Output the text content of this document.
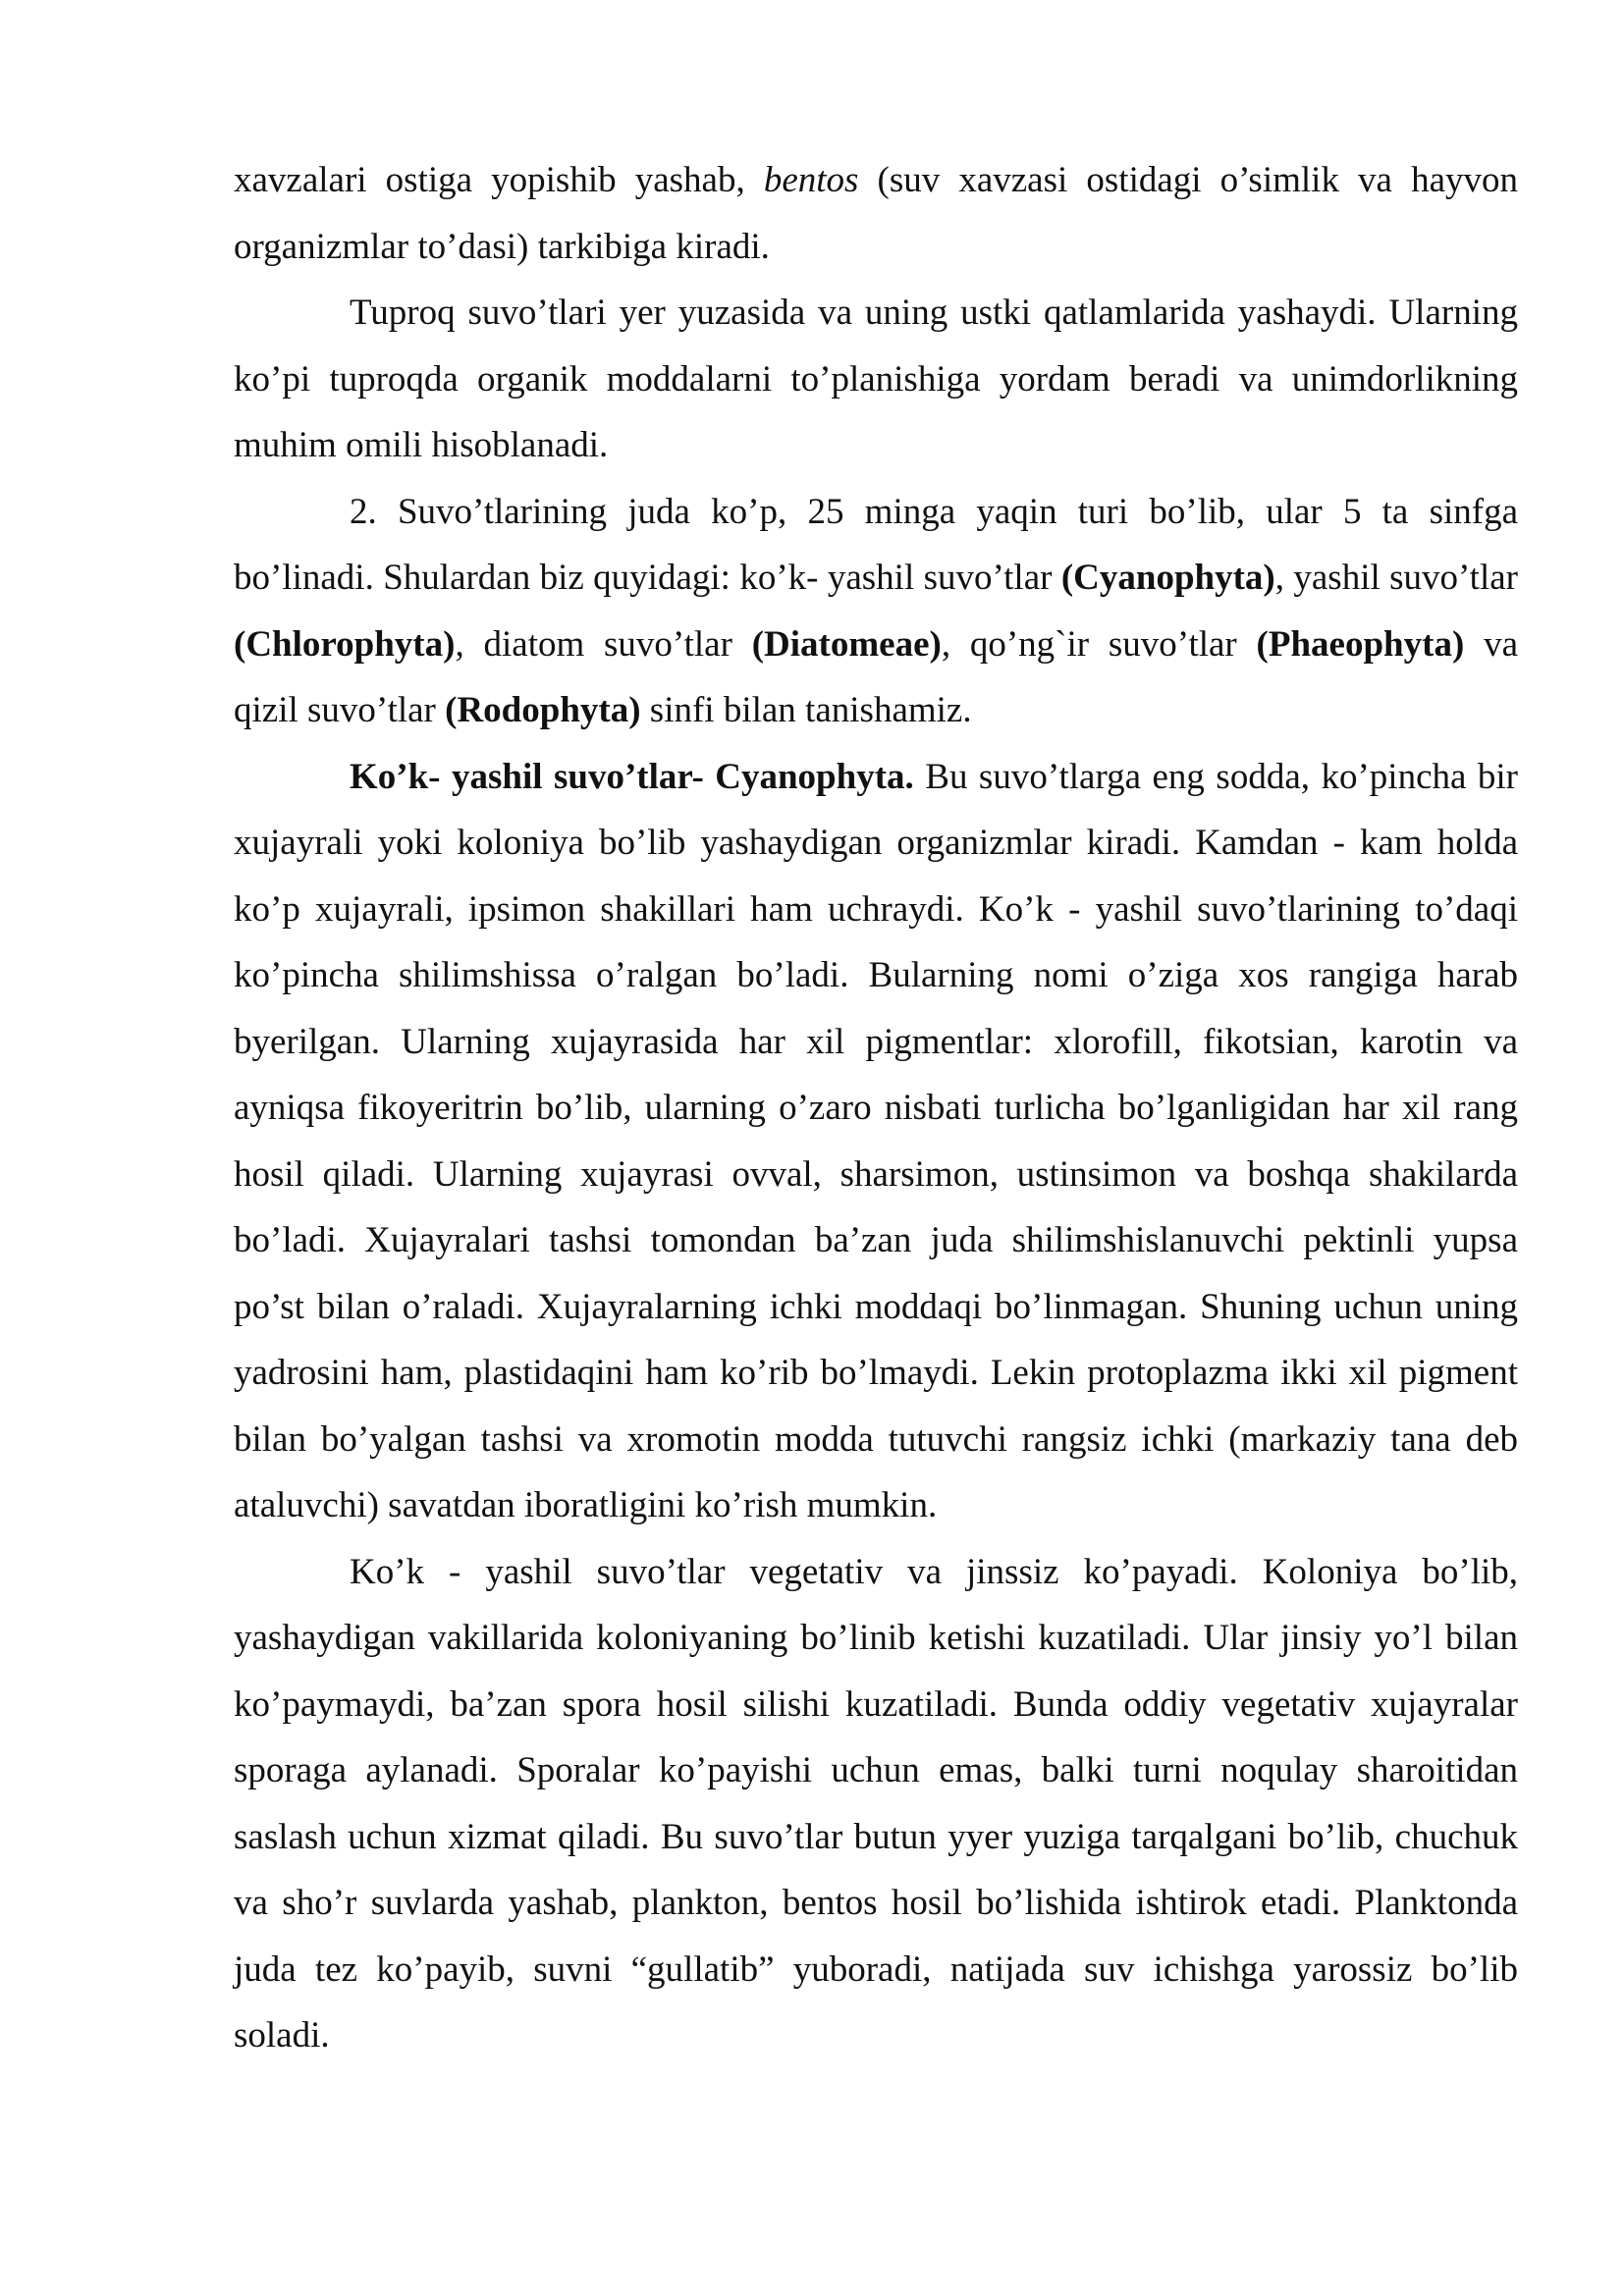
xavzalari ostiga yopishib yashab, bentos (suv xavzasi ostidagi o’simlik va hayvon organizmlar to’dasi) tarkibiga kiradi.

Tuproq suvo’tlari yer yuzasida va uning ustki qatlamlarida yashaydi. Ularning ko’pi tuproqda organik moddalarni to’planishiga yordam beradi va unimdorlikning muhim omili hisoblanadi.

2. Suvo’tlarining juda ko’p, 25 minga yaqin turi bo’lib, ular 5 ta sinfga bo’linadi. Shulardan biz quyidagi: ko’k- yashil suvo’tlar (Cyanophyta), yashil suvo’tlar (Chlorophyta), diatom suvo’tlar (Diatomeae), qo’ng`ir suvo’tlar (Phaeophyta) va qizil suvo’tlar (Rodophyta) sinfi bilan tanishamiz.

Ko’k- yashil suvo’tlar- Cyanophyta. Bu suvo’tlarga eng sodda, ko’pincha bir xujayrali yoki koloniya bo’lib yashaydigan organizmlar kiradi. Kamdan - kam holda ko’p xujayrali, ipsimon shakillari ham uchraydi. Ko’k - yashil suvo’tlarining to’daqi ko’pincha shilimshissa o’ralgan bo’ladi. Bularning nomi o’ziga xos rangiga harab byerilgan. Ularning xujayrasida har xil pigmentlar: xlorofill, fikotsian, karotin va ayniqsa fikoyeritrin bo’lib, ularning o’zaro nisbati turlicha bo’lganligidan har xil rang hosil qiladi. Ularning xujayrasi ovval, sharsimon, ustinsimon va boshqa shakilarda bo’ladi. Xujayralari tashsi tomondan ba’zan juda shilimshislanuvchi pektinli yupsa po’st bilan o’raladi. Xujayralarning ichki moddaqi bo’linmagan. Shuning uchun uning yadrosini ham, plastidaqini ham ko’rib bo’lmaydi. Lekin protoplazma ikki xil pigment bilan bo’yalgan tashsi va xromotin modda tutuvchi rangsiz ichki (markaziy tana deb ataluvchi) savatdan iboratligini ko’rish mumkin.

Ko’k - yashil suvo’tlar vegetativ va jinssiz ko’payadi. Koloniya bo’lib, yashaydigan vakillarida koloniyaning bo’linib ketishi kuzatiladi. Ular jinsiy yo’l bilan ko’paymaydi, ba’zan spora hosil silishi kuzatiladi. Bunda oddiy vegetativ xujayralar sporaga aylanadi. Sporalar ko’payishi uchun emas, balki turni noqulay sharoitidan saslash uchun xizmat qiladi. Bu suvo’tlar butun yyer yuziga tarqalgani bo’lib, chuchuk va sho’r suvlarda yashab, plankton, bentos hosil bo’lishida ishtirok etadi. Planktonda juda tez ko’payib, suvni “gullatib” yuboradi, natijada suv ichishga yarossiz bo’lib soladi.
